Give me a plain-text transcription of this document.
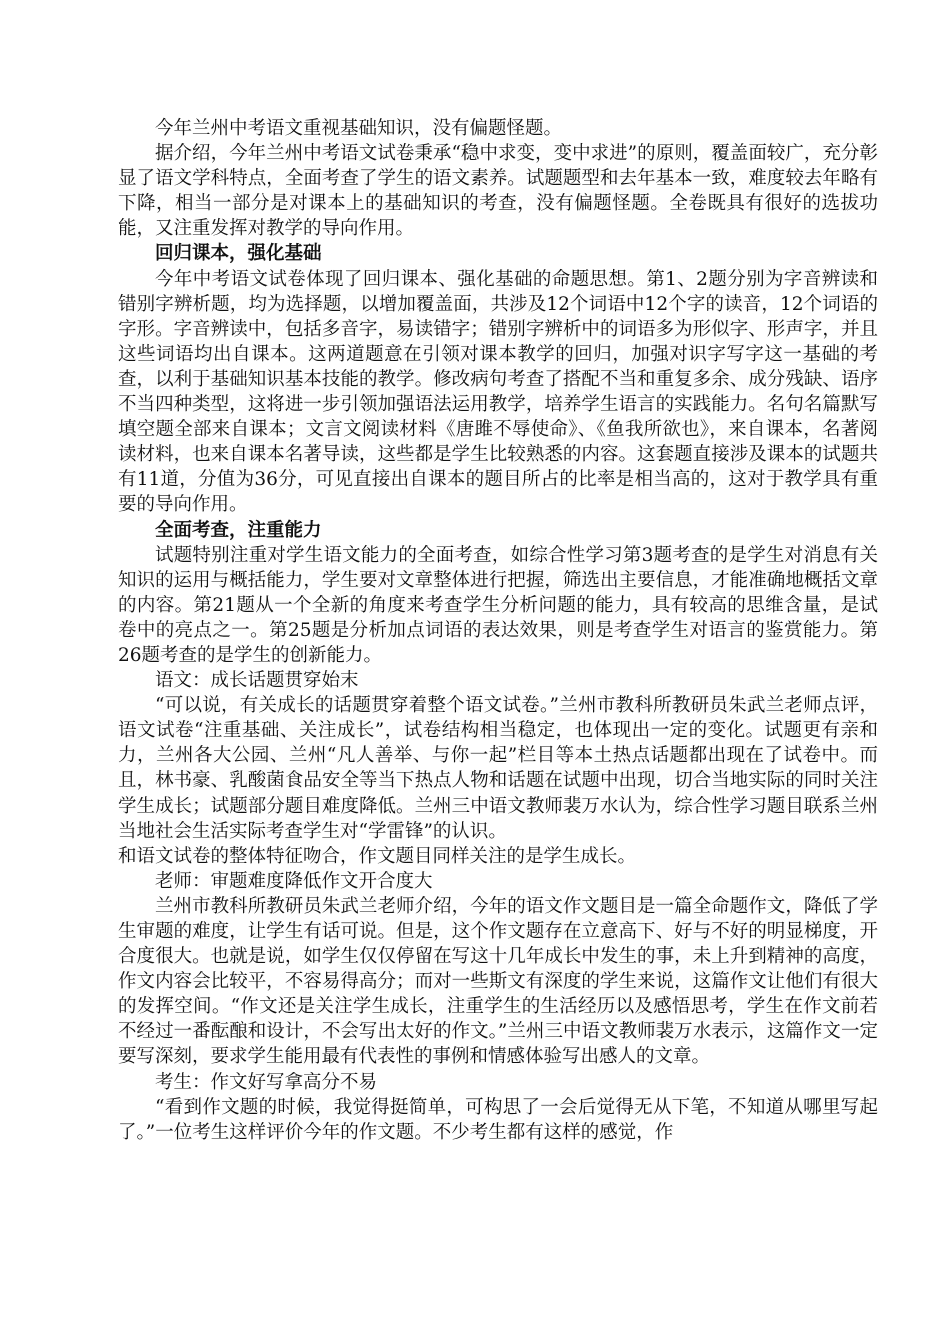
今年兰州中考语文重视基础知识，没有偏题怪题。

据介绍，今年兰州中考语文试卷秉承“稳中求变，变中求进”的原则，覆盖面较广，充分彰显了语文学科特点，全面考查了学生的语文素养。试题题型和去年基本一致，难度较去年略有下降，相当一部分是对课本上的基础知识的考查，没有偏题怪题。全卷既具有很好的选拔功能，又注重发挥对教学的导向作用。

回归课本，强化基础

今年中考语文试卷体现了回归课本、强化基础的命题思想。第1、2题分别为字音辨读和错别字辨析题，均为选择题，以增加覆盖面，共涉及12个词语中12个字的读音，12个词语的字形。字音辨读中，包括多音字，易读错字；错别字辨析中的词语多为形似字、形声字，并且这些词语均出自课本。这两道题意在引领对课本教学的回归，加强对识字写字这一基础的考查，以利于基础知识基本技能的教学。修改病句考查了搭配不当和重复多余、成分残缺、语序不当四种类型，这将进一步引领加强语法运用教学，培养学生语言的实践能力。名句名篇默写填空题全部来自课本；文言文阅读材料《唐雎不辱使命》、《鱼我所欲也》，来自课本，名著阅读材料，也来自课本名著导读，这些都是学生比较熟悉的内容。这套题直接涉及课本的试题共有11道，分值为36分，可见直接出自课本的题目所占的比率是相当高的，这对于教学具有重要的导向作用。

全面考查，注重能力

试题特别注重对学生语文能力的全面考查，如综合性学习第3题考查的是学生对消息有关知识的运用与概括能力，学生要对文章整体进行把握，筛选出主要信息，才能准确地概括文章的内容。第21题从一个全新的角度来考查学生分析问题的能力，具有较高的思维含量，是试卷中的亮点之一。第25题是分析加点词语的表达效果，则是考查学生对语言的鉴赏能力。第26题考查的是学生的创新能力。

语文：成长话题贯穿始末

“可以说，有关成长的话题贯穿着整个语文试卷。”兰州市教科所教研员朱武兰老师点评，语文试卷“注重基础、关注成长”，试卷结构相当稳定，也体现出一定的变化。试题更有亲和力，兰州各大公园、兰州“凡人善举、与你一起”栏目等本土热点话题都出现在了试卷中。而且，林书豪、乳酸菌食品安全等当下热点人物和话题在试题中出现，切合当地实际的同时关注学生成长；试题部分题目难度降低。兰州三中语文教师裴万水认为，综合性学习题目联系兰州当地社会生活实际考查学生对“学雷锋”的认识。

和语文试卷的整体特征吻合，作文题目同样关注的是学生成长。

老师：审题难度降低作文开合度大

兰州市教科所教研员朱武兰老师介绍，今年的语文作文题目是一篇全命题作文，降低了学生审题的难度，让学生有话可说。但是，这个作文题存在立意高下、好与不好的明显梯度，开合度很大。也就是说，如学生仅仅停留在写这十几年成长中发生的事，未上升到精神的高度，作文内容会比较平，不容易得高分；而对一些斯文有深度的学生来说，这篇作文让他们有很大的发挥空间。“作文还是关注学生成长，注重学生的生活经历以及感悟思考，学生在作文前若不经过一番酝酿和设计，不会写出太好的作文。”兰州三中语文教师裴万水表示，这篇作文一定要写深刻，要求学生能用最有代表性的事例和情感体验写出感人的文章。

考生：作文好写拿高分不易

“看到作文题的时候，我觉得挺简单，可构思了一会后觉得无从下笔，不知道从哪里写起了。”一位考生这样评价今年的作文题。不少考生都有这样的感觉，作
